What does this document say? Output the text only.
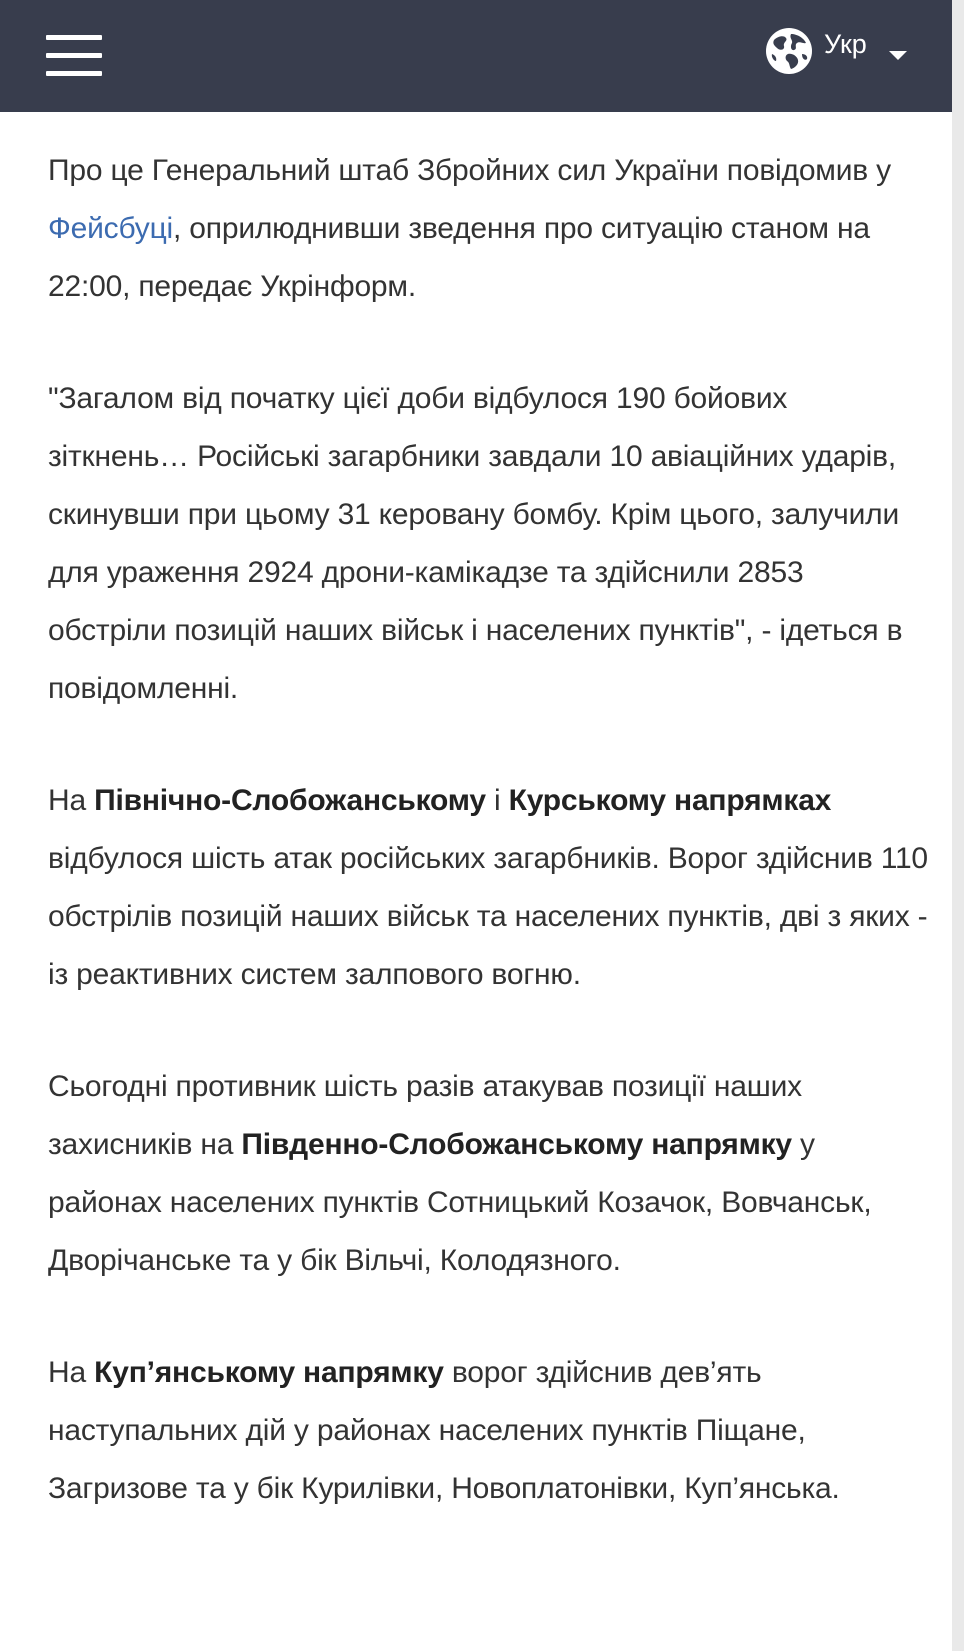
Укр

Про це Генеральний штаб Збройних сил України повідомив у Фейсбуці, оприлюднивши зведення про ситуацію станом на 22:00, передає Укрінформ.

"Загалом від початку цієї доби відбулося 190 бойових зіткнень… Російські загарбники завдали 10 авіаційних ударів, скинувши при цьому 31 керовану бомбу. Крім цього, залучили для ураження 2924 дрони-камікадзе та здійснили 2853 обстріли позицій наших військ і населених пунктів", - ідеться в повідомленні.

На Північно-Слобожанському і Курському напрямках відбулося шість атак російських загарбників. Ворог здійснив 110 обстрілів позицій наших військ та населених пунктів, дві з яких - із реактивних систем залпового вогню.

Сьогодні противник шість разів атакував позиції наших захисників на Південно-Слобожанському напрямку у районах населених пунктів Сотницький Козачок, Вовчанськ, Дворічанське та у бік Вільчі, Колодязного.

На Куп’янському напрямку ворог здійснив дев’ять наступальних дій у районах населених пунктів Піщане, Загризове та у бік Курилівки, Новоплатонівки, Куп’янська.
